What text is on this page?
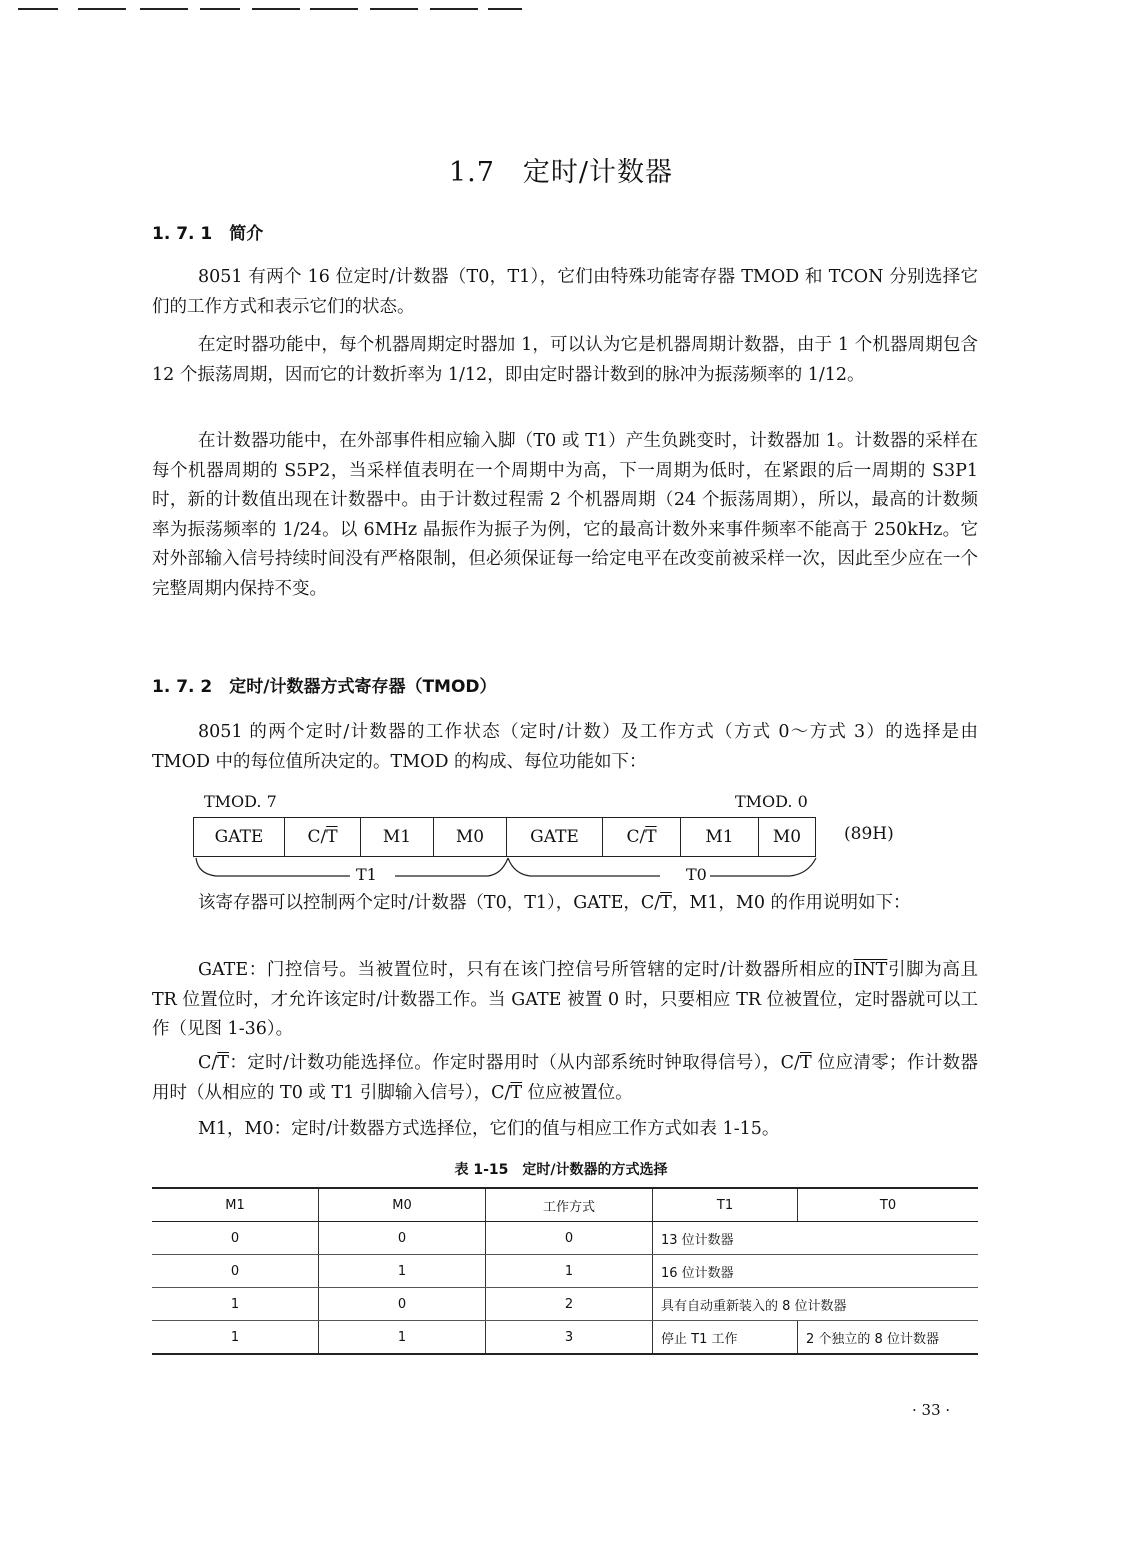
1.7　定时/计数器
1. 7. 1　简介

8051 有两个 16 位定时/计数器（T0，T1），它们由特殊功能寄存器 TMOD 和 TCON 分别选择它们的工作方式和表示它们的状态。

在定时器功能中，每个机器周期定时器加 1，可以认为它是机器周期计数器，由于 1 个机器周期包含 12 个振荡周期，因而它的计数折率为 1/12，即由定时器计数到的脉冲为振荡频率的 1/12。

在计数器功能中，在外部事件相应输入脚（T0 或 T1）产生负跳变时，计数器加 1。计数器的采样在每个机器周期的 S5P2，当采样值表明在一个周期中为高，下一周期为低时，在紧跟的后一周期的 S3P1 时，新的计数值出现在计数器中。由于计数过程需 2 个机器周期（24 个振荡周期），所以，最高的计数频率为振荡频率的 1/24。以 6MHz 晶振作为振子为例，它的最高计数外来事件频率不能高于 250kHz。它对外部输入信号持续时间没有严格限制，但必须保证每一给定电平在改变前被采样一次，因此至少应在一个完整周期内保持不变。

1. 7. 2　定时/计数器方式寄存器（TMOD）

8051 的两个定时/计数器的工作状态（定时/计数）及工作方式（方式 0～方式 3）的选择是由 TMOD 中的每位值所决定的。TMOD 的构成、每位功能如下：

TMOD. 7	TMOD. 0
GATE	$C/\overline{T}$	M1	M0	GATE	$C/\overline{T}$	M1	M0	(89H)
T1	T0

该寄存器可以控制两个定时/计数器（T0，T1），GATE，$C/\overline{T}$，M1，M0 的作用说明如下：

GATE：门控信号。当被置位时，只有在该门控信号所管辖的定时/计数器所相应的$\overline{INT}$引脚为高且 TR 位置位时，才允许该定时/计数器工作。当 GATE 被置 0 时，只要相应 TR 位被置位，定时器就可以工作（见图 1-36）。

$C/\overline{T}$：定时/计数功能选择位。作定时器用时（从内部系统时钟取得信号），$C/\overline{T}$ 位应清零；作计数器用时（从相应的 T0 或 T1 引脚输入信号），$C/\overline{T}$ 位应被置位。

M1，M0：定时/计数器方式选择位，它们的值与相应工作方式如表 1-15。

表 1-15　定时/计数器的方式选择
M1	M0	工作方式	T1	T0
0	0	0	13 位计数器	
0	1	1	16 位计数器	
1	0	2	具有自动重新装入的 8 位计数器	
1	1	3	停止 T1 工作	2 个独立的 8 位计数器
· 33 ·
